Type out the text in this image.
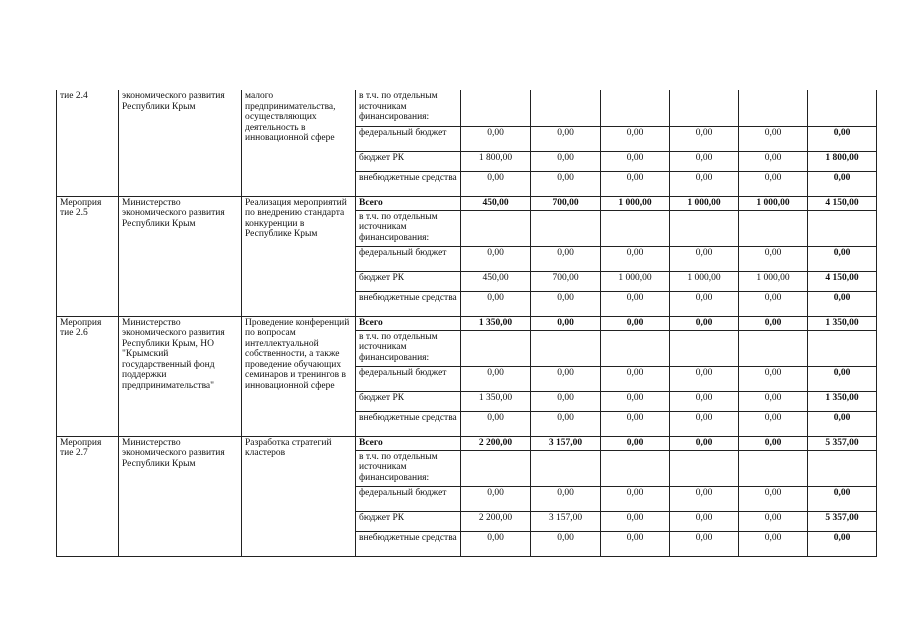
тие 2.4	экономического развития Республики Крым	малого предпринимательства, осуществляющих деятельность в инновационной сфере	в т.ч. по отдельным источникам финансирования:						
			федеральный бюджет	0,00	0,00	0,00	0,00	0,00	0,00
			бюджет РК	1 800,00	0,00	0,00	0,00	0,00	1 800,00
			внебюджетные средства	0,00	0,00	0,00	0,00	0,00	0,00
Мероприя тие 2.5	Министерство экономического развития Республики Крым	Реализация мероприятий по внедрению стандарта конкуренции в Республике Крым	Всего	450,00	700,00	1 000,00	1 000,00	1 000,00	4 150,00
			в т.ч. по отдельным источникам финансирования:						
			федеральный бюджет	0,00	0,00	0,00	0,00	0,00	0,00
			бюджет РК	450,00	700,00	1 000,00	1 000,00	1 000,00	4 150,00
			внебюджетные средства	0,00	0,00	0,00	0,00	0,00	0,00
Мероприя тие 2.6	Министерство экономического развития Республики Крым, НО "Крымский государственный фонд поддержки предпринимательства"	Проведение конференций по вопросам интеллектуальной собственности, а также проведение обучающих семинаров и тренингов в инновационной сфере	Всего	1 350,00	0,00	0,00	0,00	0,00	1 350,00
			в т.ч. по отдельным источникам финансирования:						
			федеральный бюджет	0,00	0,00	0,00	0,00	0,00	0,00
			бюджет РК	1 350,00	0,00	0,00	0,00	0,00	1 350,00
			внебюджетные средства	0,00	0,00	0,00	0,00	0,00	0,00
Мероприя тие 2.7	Министерство экономического развития Республики Крым	Разработка стратегий кластеров	Всего	2 200,00	3 157,00	0,00	0,00	0,00	5 357,00
			в т.ч. по отдельным источникам финансирования:						
			федеральный бюджет	0,00	0,00	0,00	0,00	0,00	0,00
			бюджет РК	2 200,00	3 157,00	0,00	0,00	0,00	5 357,00
			внебюджетные средства	0,00	0,00	0,00	0,00	0,00	0,00
